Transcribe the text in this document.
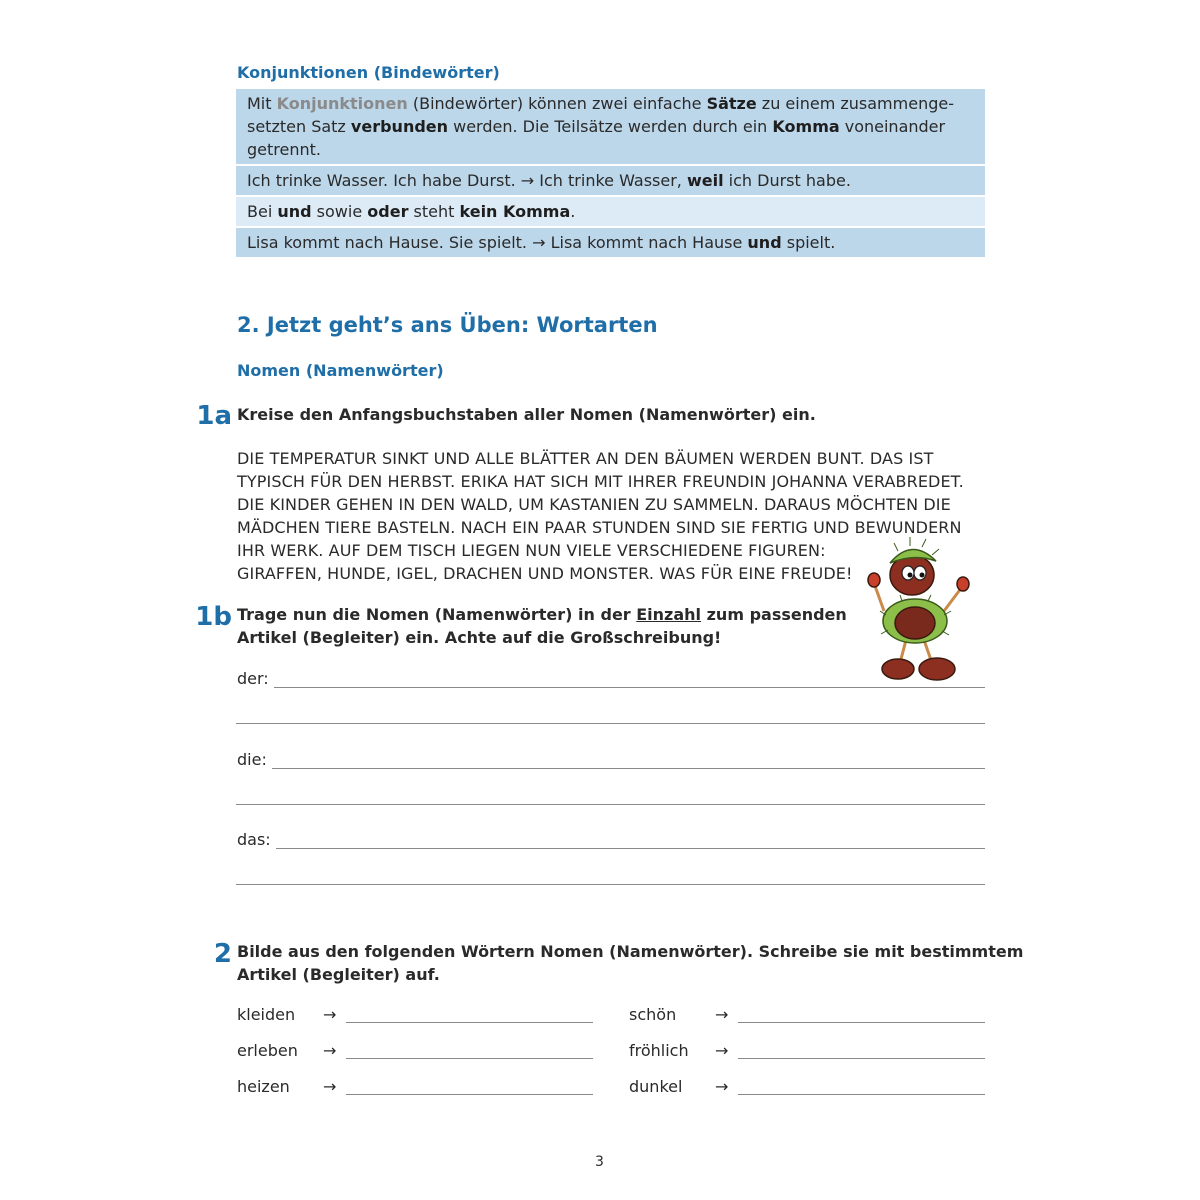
Konjunktionen (Bindewörter)
Mit Konjunktionen (Bindewörter) können zwei einfache Sätze zu einem zusammenge-
setzten Satz verbunden werden. Die Teilsätze werden durch ein Komma voneinander
getrennt.
Ich trinke Wasser. Ich habe Durst. → Ich trinke Wasser, weil ich Durst habe.
Bei und sowie oder steht kein Komma.
Lisa kommt nach Hause. Sie spielt. → Lisa kommt nach Hause und spielt.
2. Jetzt geht’s ans Üben: Wortarten
Nomen (Namenwörter)
1a Kreise den Anfangsbuchstaben aller Nomen (Namenwörter) ein.
DIE TEMPERATUR SINKT UND ALLE BLÄTTER AN DEN BÄUMEN WERDEN BUNT. DAS IST
TYPISCH FÜR DEN HERBST. ERIKA HAT SICH MIT IHRER FREUNDIN JOHANNA VERABREDET.
DIE KINDER GEHEN IN DEN WALD, UM KASTANIEN ZU SAMMELN. DARAUS MÖCHTEN DIE
MÄDCHEN TIERE BASTELN. NACH EIN PAAR STUNDEN SIND SIE FERTIG UND BEWUNDERN
IHR WERK. AUF DEM TISCH LIEGEN NUN VIELE VERSCHIEDENE FIGUREN:
GIRAFFEN, HUNDE, IGEL, DRACHEN UND MONSTER. WAS FÜR EINE FREUDE!
1b Trage nun die Nomen (Namenwörter) in der Einzahl zum passenden
Artikel (Begleiter) ein. Achte auf die Großschreibung!
der:
die:
das:
2 Bilde aus den folgenden Wörtern Nomen (Namenwörter). Schreibe sie mit bestimmtem
Artikel (Begleiter) auf.
kleiden →
erleben →
heizen →
schön →
fröhlich →
dunkel →
3
